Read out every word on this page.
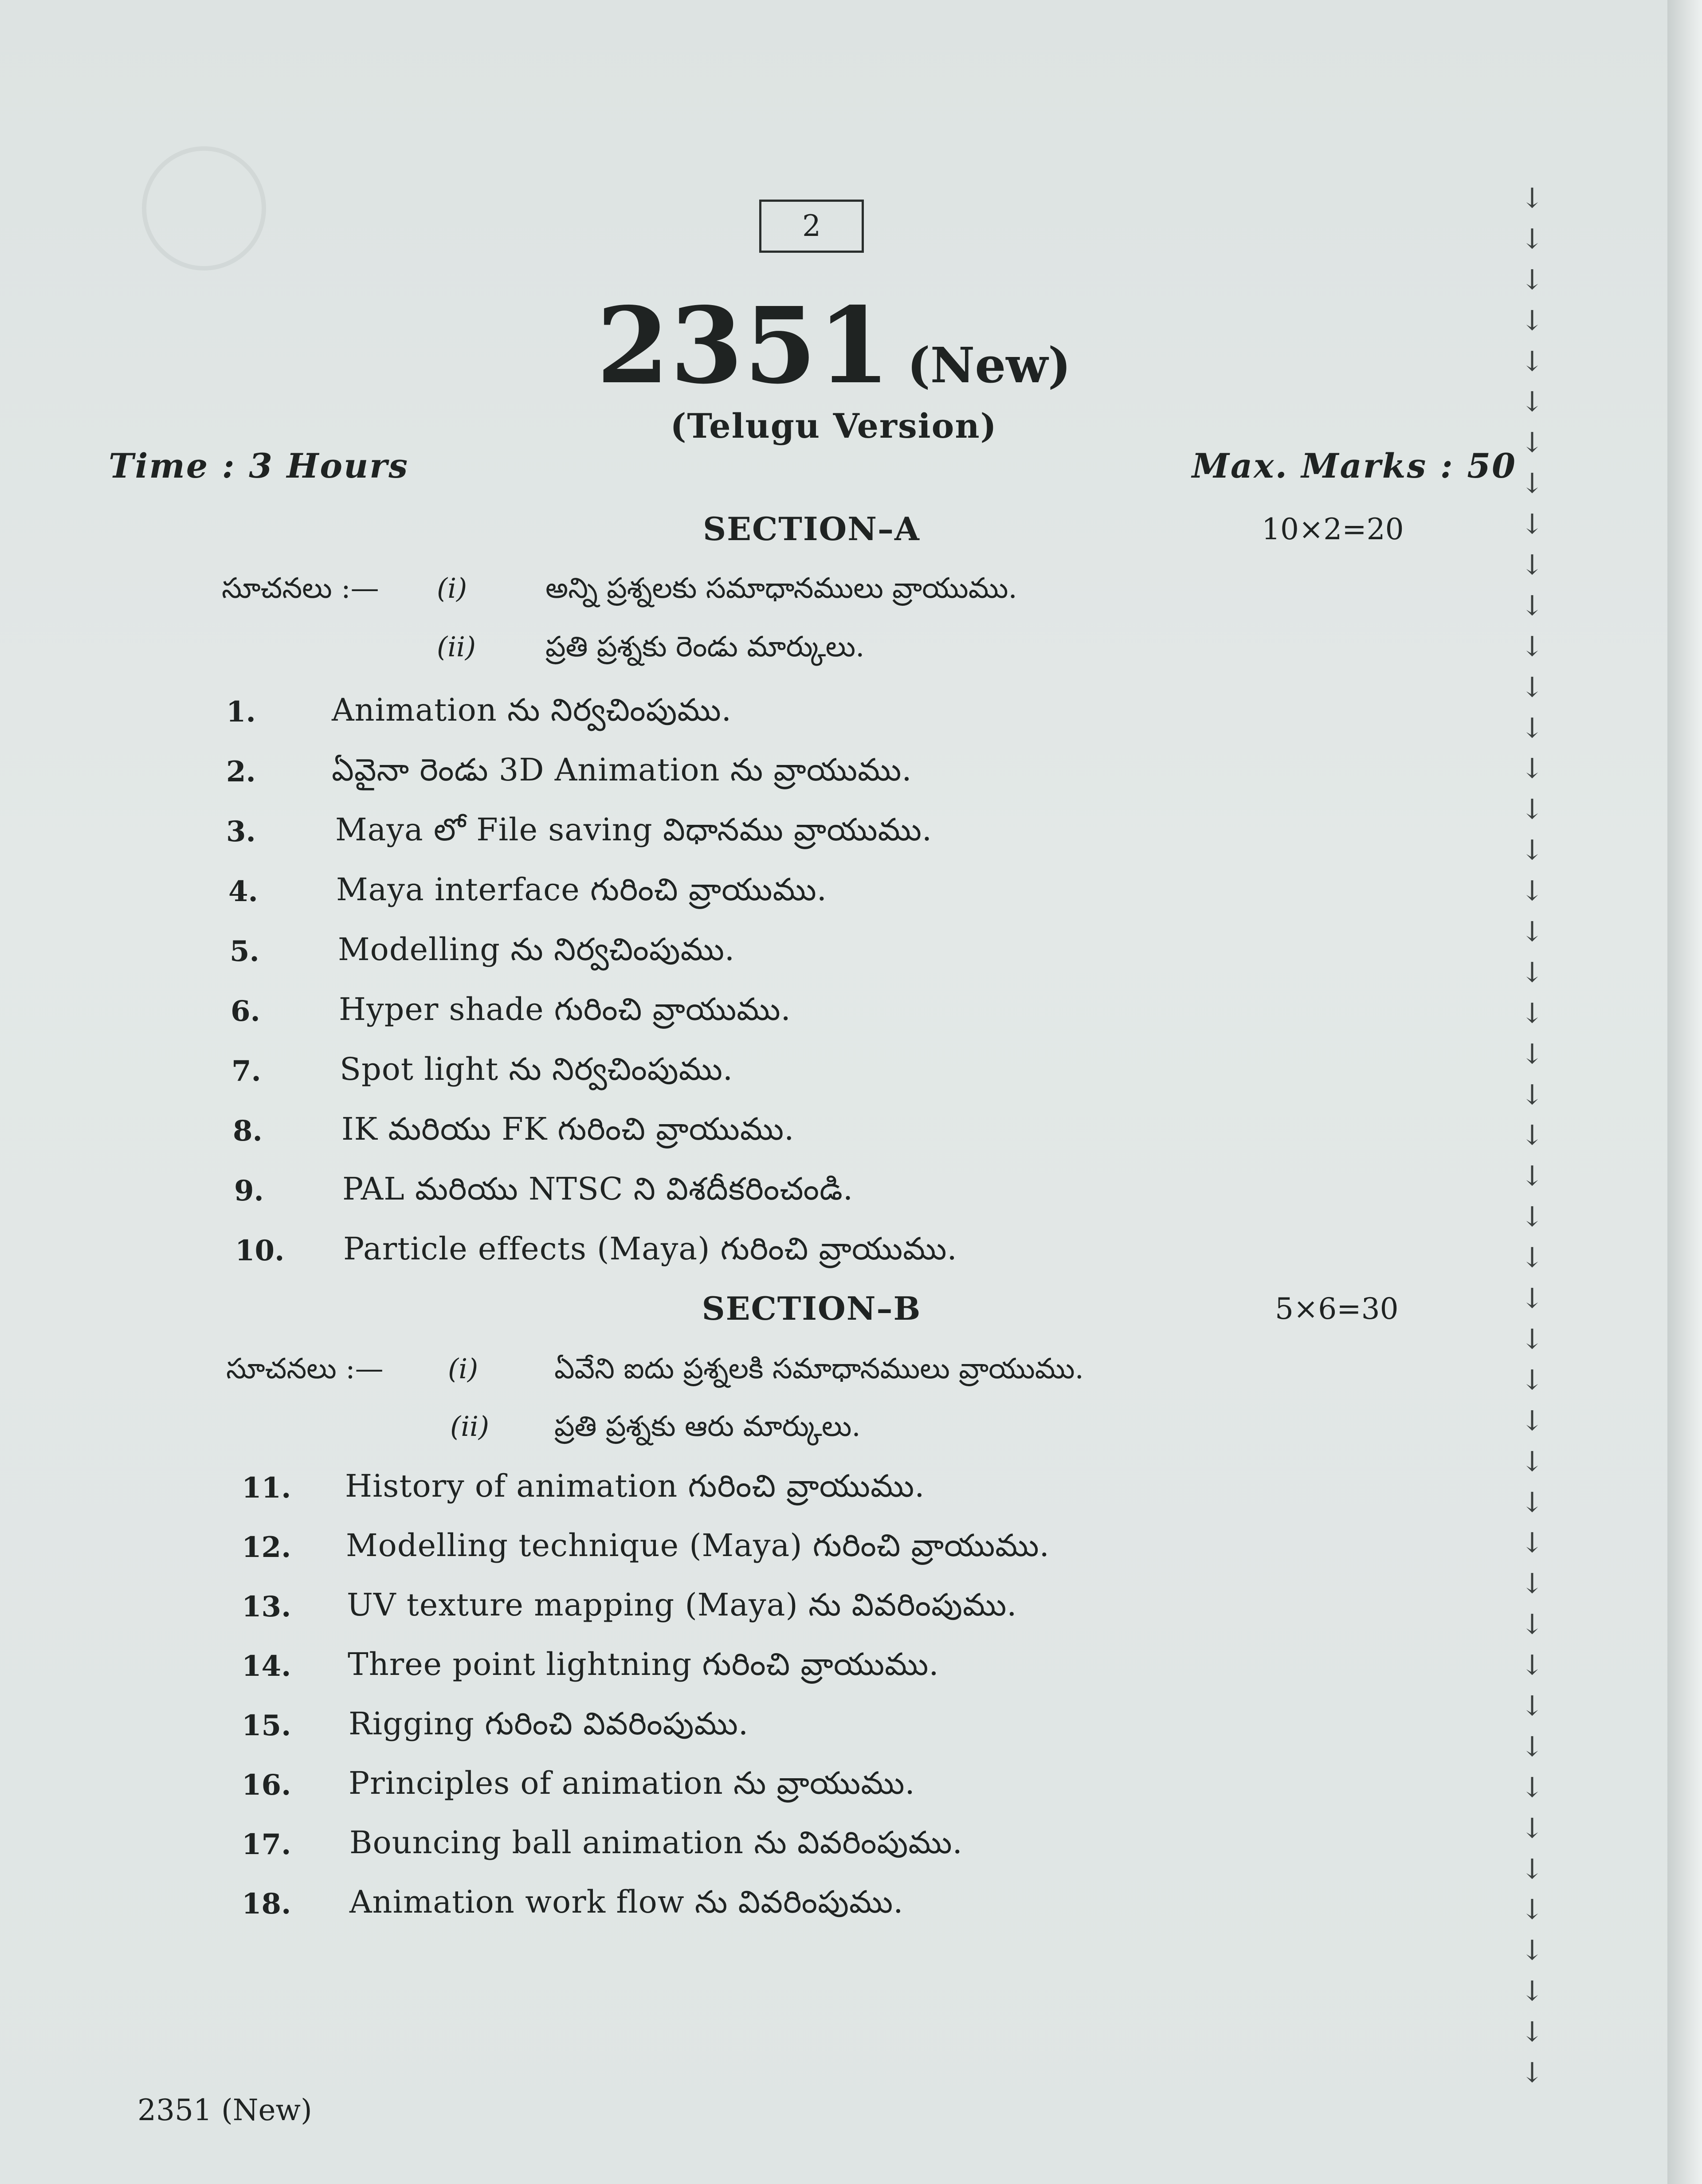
2
2351 (New)
(Telugu Version)
Time : 3 Hours	Max. Marks : 50
SECTION–A	10×2=20
సూచనలు :— (i)	అన్ని ప్రశ్నలకు సమాధానములు వ్రాయుము.
(ii) ప్రతి ప్రశ్నకు రెండు మార్కులు.
1. Animation ను నిర్వచింపుము.
2. ఏవైనా రెండు 3D Animation ను వ్రాయుము.
3.	Maya లో File saving విధానము వ్రాయుము.
4.	Maya interface గురించి వ్రాయుము.
5.	Modelling ను నిర్వచింపుము.
6.	Hyper shade గురించి వ్రాయుము.
7.	Spot light ను నిర్వచింపుము.
8.	IK మరియు FK గురించి వ్రాయుము.
9.	PAL మరియు NTSC ని విశదీకరించండి.
10. Particle effects (Maya) గురించి వ్రాయుము.
SECTION–B	5×6=30
సూచనలు :— (i)	ఏవేని ఐదు ప్రశ్నలకి సమాధానములు వ్రాయుము.
(ii) ప్రతి ప్రశ్నకు ఆరు మార్కులు.
11. History of animation గురించి వ్రాయుము.
12. Modelling technique (Maya) గురించి వ్రాయుము.
13. UV texture mapping (Maya) ను వివరింపుము.
14. Three point lightning గురించి వ్రాయుము.
15. Rigging గురించి వివరింపుము.
16. Principles of animation ను వ్రాయుము.
17. Bouncing ball animation ను వివరింపుము.
18. Animation work flow ను వివరింపుము.
2351 (New)
↓
↓
↓
↓
↓
↓
↓
↓
↓
↓
↓
↓
↓
↓
↓
↓
↓
↓
↓
↓
↓
↓
↓
↓
↓
↓
↓
↓
↓
↓
↓
↓
↓
↓
↓
↓
↓
↓
↓
↓
↓
↓
↓
↓
↓
↓
↓
